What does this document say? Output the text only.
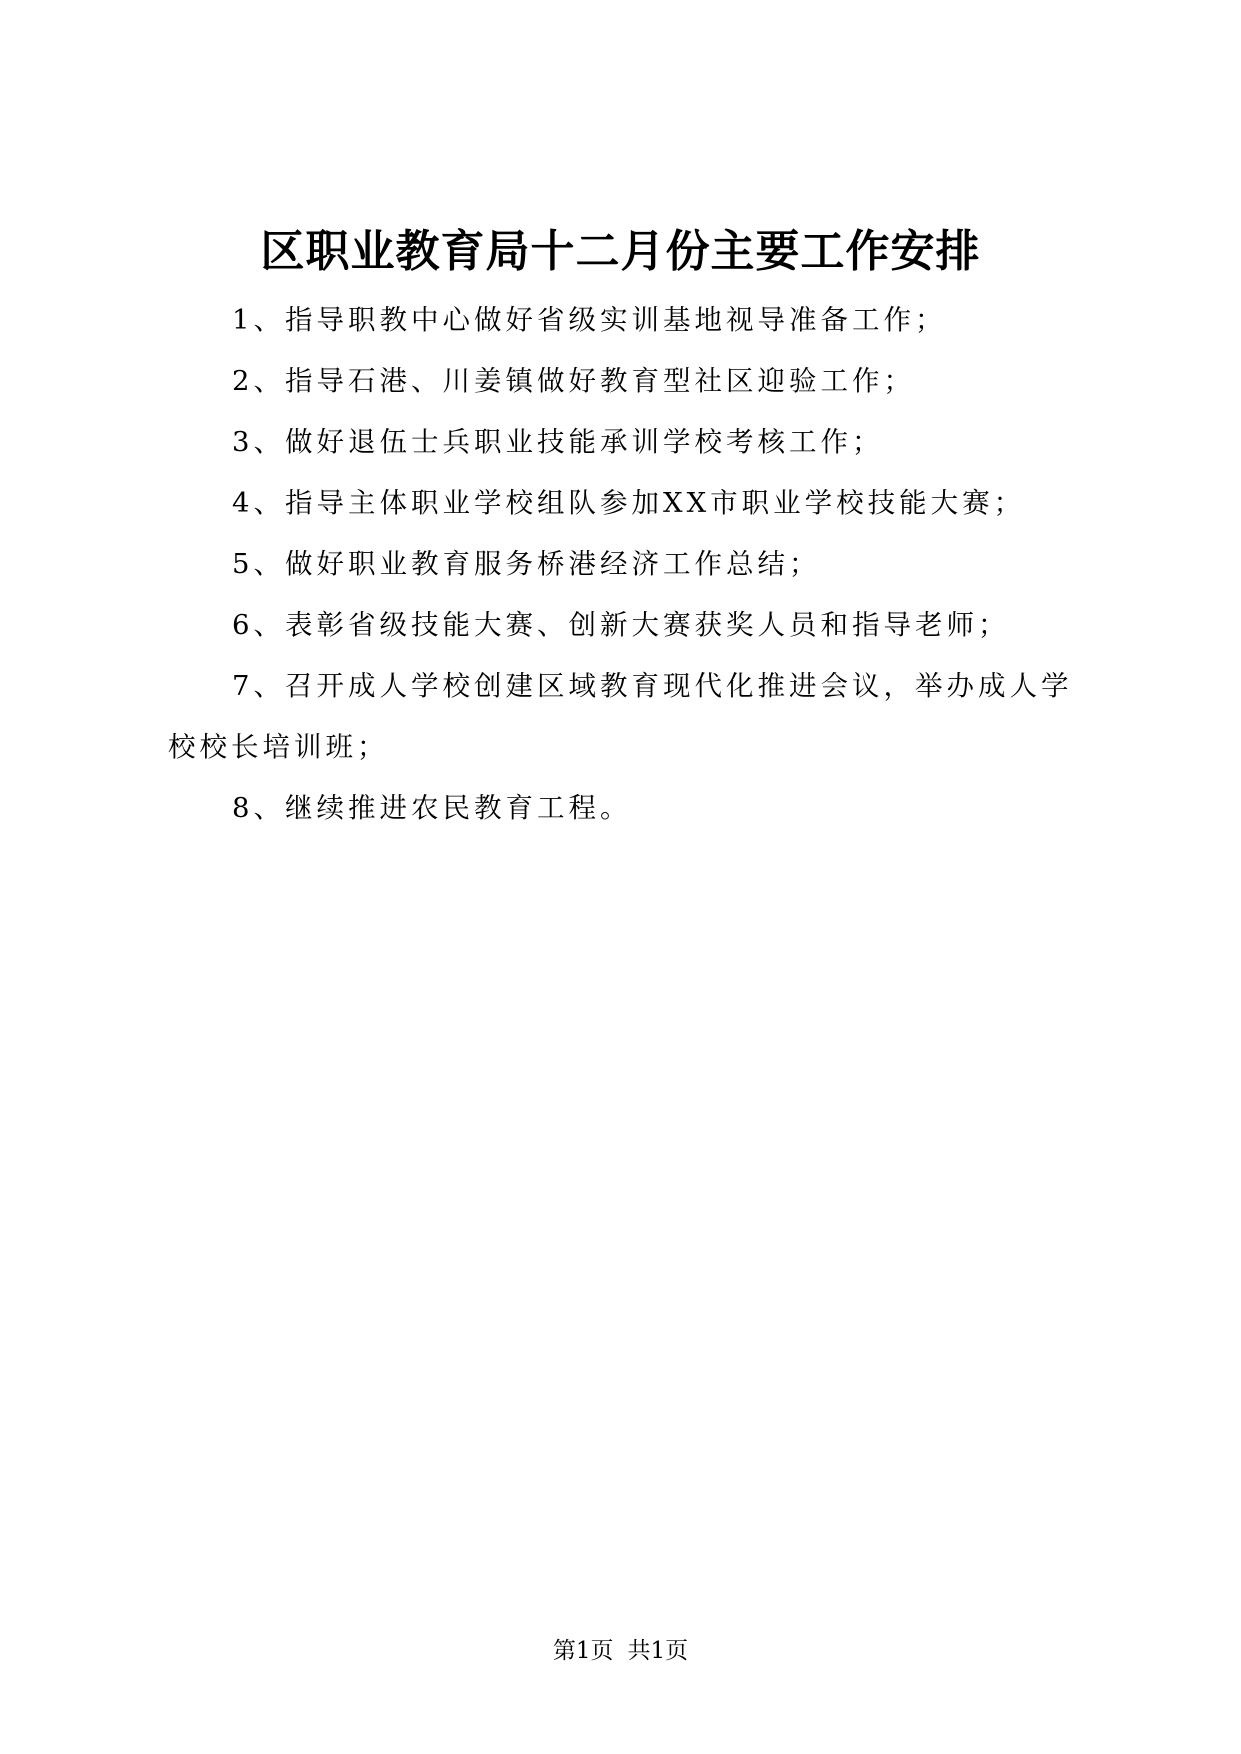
区职业教育局十二月份主要工作安排

1、指导职教中心做好省级实训基地视导准备工作；

2、指导石港、川姜镇做好教育型社区迎验工作；

3、做好退伍士兵职业技能承训学校考核工作；

4、指导主体职业学校组队参加XX市职业学校技能大赛；

5、做好职业教育服务桥港经济工作总结；

6、表彰省级技能大赛、创新大赛获奖人员和指导老师；

7、召开成人学校创建区域教育现代化推进会议，举办成人学校校长培训班；

8、继续推进农民教育工程。

第1页 共1页
